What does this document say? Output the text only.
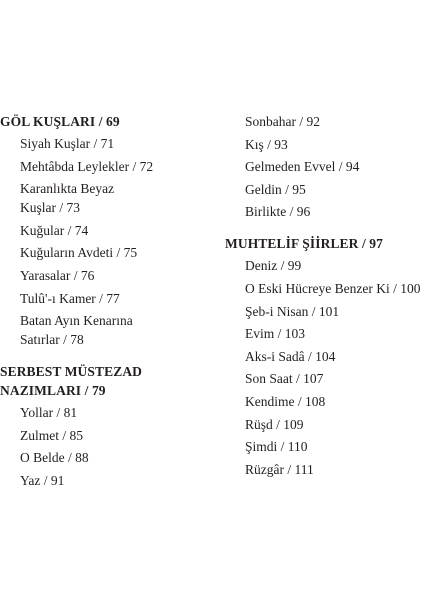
GÖL KUŞLARI / 69
Siyah Kuşlar / 71
Mehtâbda Leylekler / 72
Karanlıkta Beyaz Kuşlar / 73
Kuğular / 74
Kuğuların Avdeti / 75
Yarasalar / 76
Tulû'-ı Kamer / 77
Batan Ayın Kenarına Satırlar / 78
SERBEST MÜSTEZAD NAZIMLARI / 79
Yollar / 81
Zulmet / 85
O Belde / 88
Yaz / 91
Sonbahar / 92
Kış / 93
Gelmeden Evvel / 94
Geldin / 95
Birlikte / 96
MUHTELİF ŞİİRLER / 97
Deniz / 99
O Eski Hücreye Benzer Ki / 100
Şeb-i Nisan / 101
Evim / 103
Aks-i Sadâ / 104
Son Saat / 107
Kendime / 108
Rüşd / 109
Şimdi / 110
Rüzgâr / 111
